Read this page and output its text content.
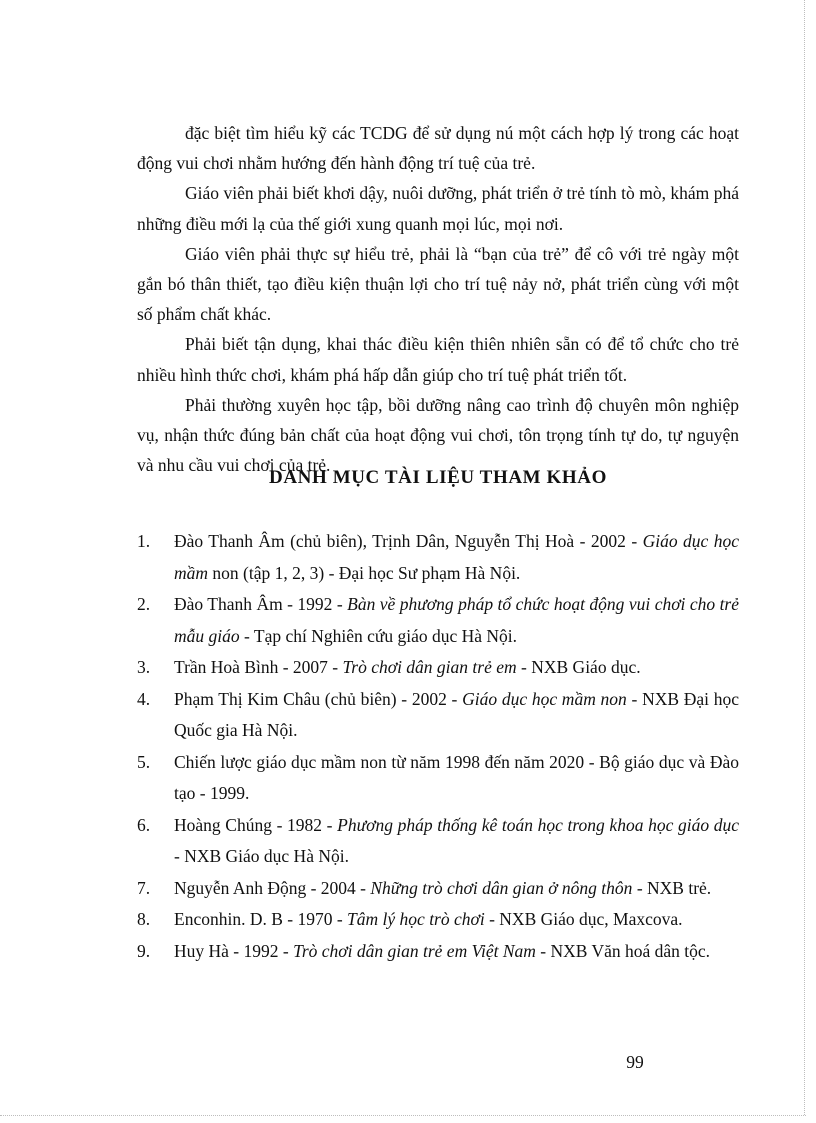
đặc biệt tìm hiểu kỹ các TCDG để sử dụng nú một cách hợp lý trong các hoạt động vui chơi nhằm hướng đến hành động trí tuệ của trẻ.

Giáo viên phải biết khơi dậy, nuôi dưỡng, phát triển ở trẻ tính tò mò, khám phá những điều mới lạ của thế giới xung quanh mọi lúc, mọi nơi.

Giáo viên phải thực sự hiểu trẻ, phải là “bạn của trẻ” để cô với trẻ ngày một gắn bó thân thiết, tạo điều kiện thuận lợi cho trí tuệ nảy nở, phát triển cùng với một số phẩm chất khác.

Phải biết tận dụng, khai thác điều kiện thiên nhiên sẵn có để tổ chức cho trẻ nhiều hình thức chơi, khám phá hấp dẫn giúp cho trí tuệ phát triển tốt.

Phải thường xuyên học tập, bồi dưỡng nâng cao trình độ chuyên môn nghiệp vụ, nhận thức đúng bản chất của hoạt động vui chơi, tôn trọng tính tự do, tự nguyện và nhu cầu vui chơi của trẻ.

DANH MỤC TÀI LIỆU THAM KHẢO
1. Đào Thanh Âm (chủ biên), Trịnh Dân, Nguyễn Thị Hoà - 2002 - Giáo dục học mầm non (tập 1, 2, 3) - Đại học Sư phạm Hà Nội.
2. Đào Thanh Âm - 1992 - Bàn về phương pháp tổ chức hoạt động vui chơi cho trẻ mẫu giáo - Tạp chí Nghiên cứu giáo dục Hà Nội.
3. Trần Hoà Bình - 2007 - Trò chơi dân gian trẻ em - NXB Giáo dục.
4. Phạm Thị Kim Châu (chủ biên) - 2002 - Giáo dục học mầm non - NXB Đại học Quốc gia Hà Nội.
5. Chiến lược giáo dục mầm non từ năm 1998 đến năm 2020 - Bộ giáo dục và Đào tạo - 1999.
6. Hoàng Chúng - 1982 - Phương pháp thống kê toán học trong khoa học giáo dục - NXB Giáo dục Hà Nội.
7. Nguyễn Anh Động - 2004 - Những trò chơi dân gian ở nông thôn - NXB trẻ.
8. Enconhin. D. B - 1970 - Tâm lý học trò chơi - NXB Giáo dục, Maxcova.
9. Huy Hà - 1992 - Trò chơi dân gian trẻ em Việt Nam - NXB Văn hoá dân tộc.
99
